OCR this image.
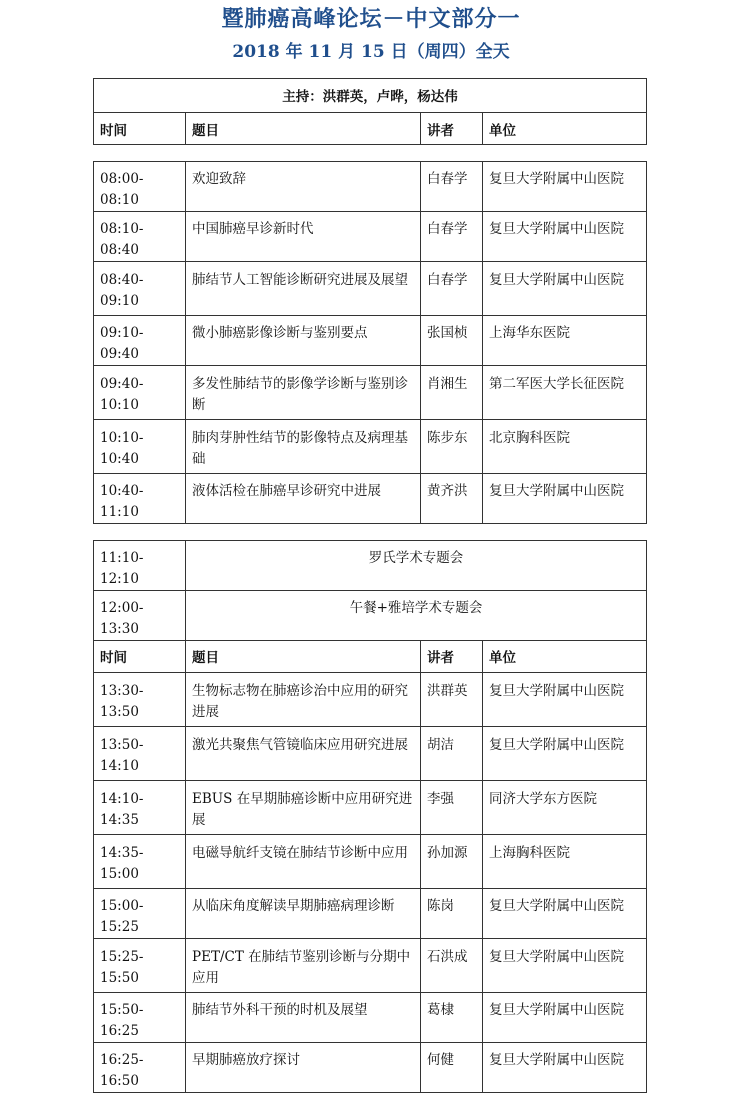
暨肺癌高峰论坛－中文部分一
2018 年 11 月 15 日（周四）全天
主持：洪群英，卢晔，杨达伟			
时间	题目	讲者	单位

08:00-08:10	欢迎致辞	白春学	复旦大学附属中山医院
08:10-08:40	中国肺癌早诊新时代	白春学	复旦大学附属中山医院
08:40-09:10	肺结节人工智能诊断研究进展及展望	白春学	复旦大学附属中山医院
09:10-09:40	微小肺癌影像诊断与鉴别要点	张国桢	上海华东医院
09:40-10:10	多发性肺结节的影像学诊断与鉴别诊断	肖湘生	第二军医大学长征医院
10:10-10:40	肺肉芽肿性结节的影像特点及病理基础	陈步东	北京胸科医院
10:40-11:10	液体活检在肺癌早诊研究中进展	黄齐洪	复旦大学附属中山医院

11:10-12:10	罗氏学术专题会		
12:00-13:30	午餐+雅培学术专题会		
时间	题目	讲者	单位
13:30-13:50	生物标志物在肺癌诊治中应用的研究进展	洪群英	复旦大学附属中山医院
13:50-14:10	激光共聚焦气管镜临床应用研究进展	胡洁	复旦大学附属中山医院
14:10-14:35	EBUS 在早期肺癌诊断中应用研究进展	李强	同济大学东方医院
14:35-15:00	电磁导航纤支镜在肺结节诊断中应用	孙加源	上海胸科医院
15:00-15:25	从临床角度解读早期肺癌病理诊断	陈岗	复旦大学附属中山医院
15:25-15:50	PET/CT 在肺结节鉴别诊断与分期中应用	石洪成	复旦大学附属中山医院
15:50-16:25	肺结节外科干预的时机及展望	葛棣	复旦大学附属中山医院
16:25-16:50	早期肺癌放疗探讨	何健	复旦大学附属中山医院
